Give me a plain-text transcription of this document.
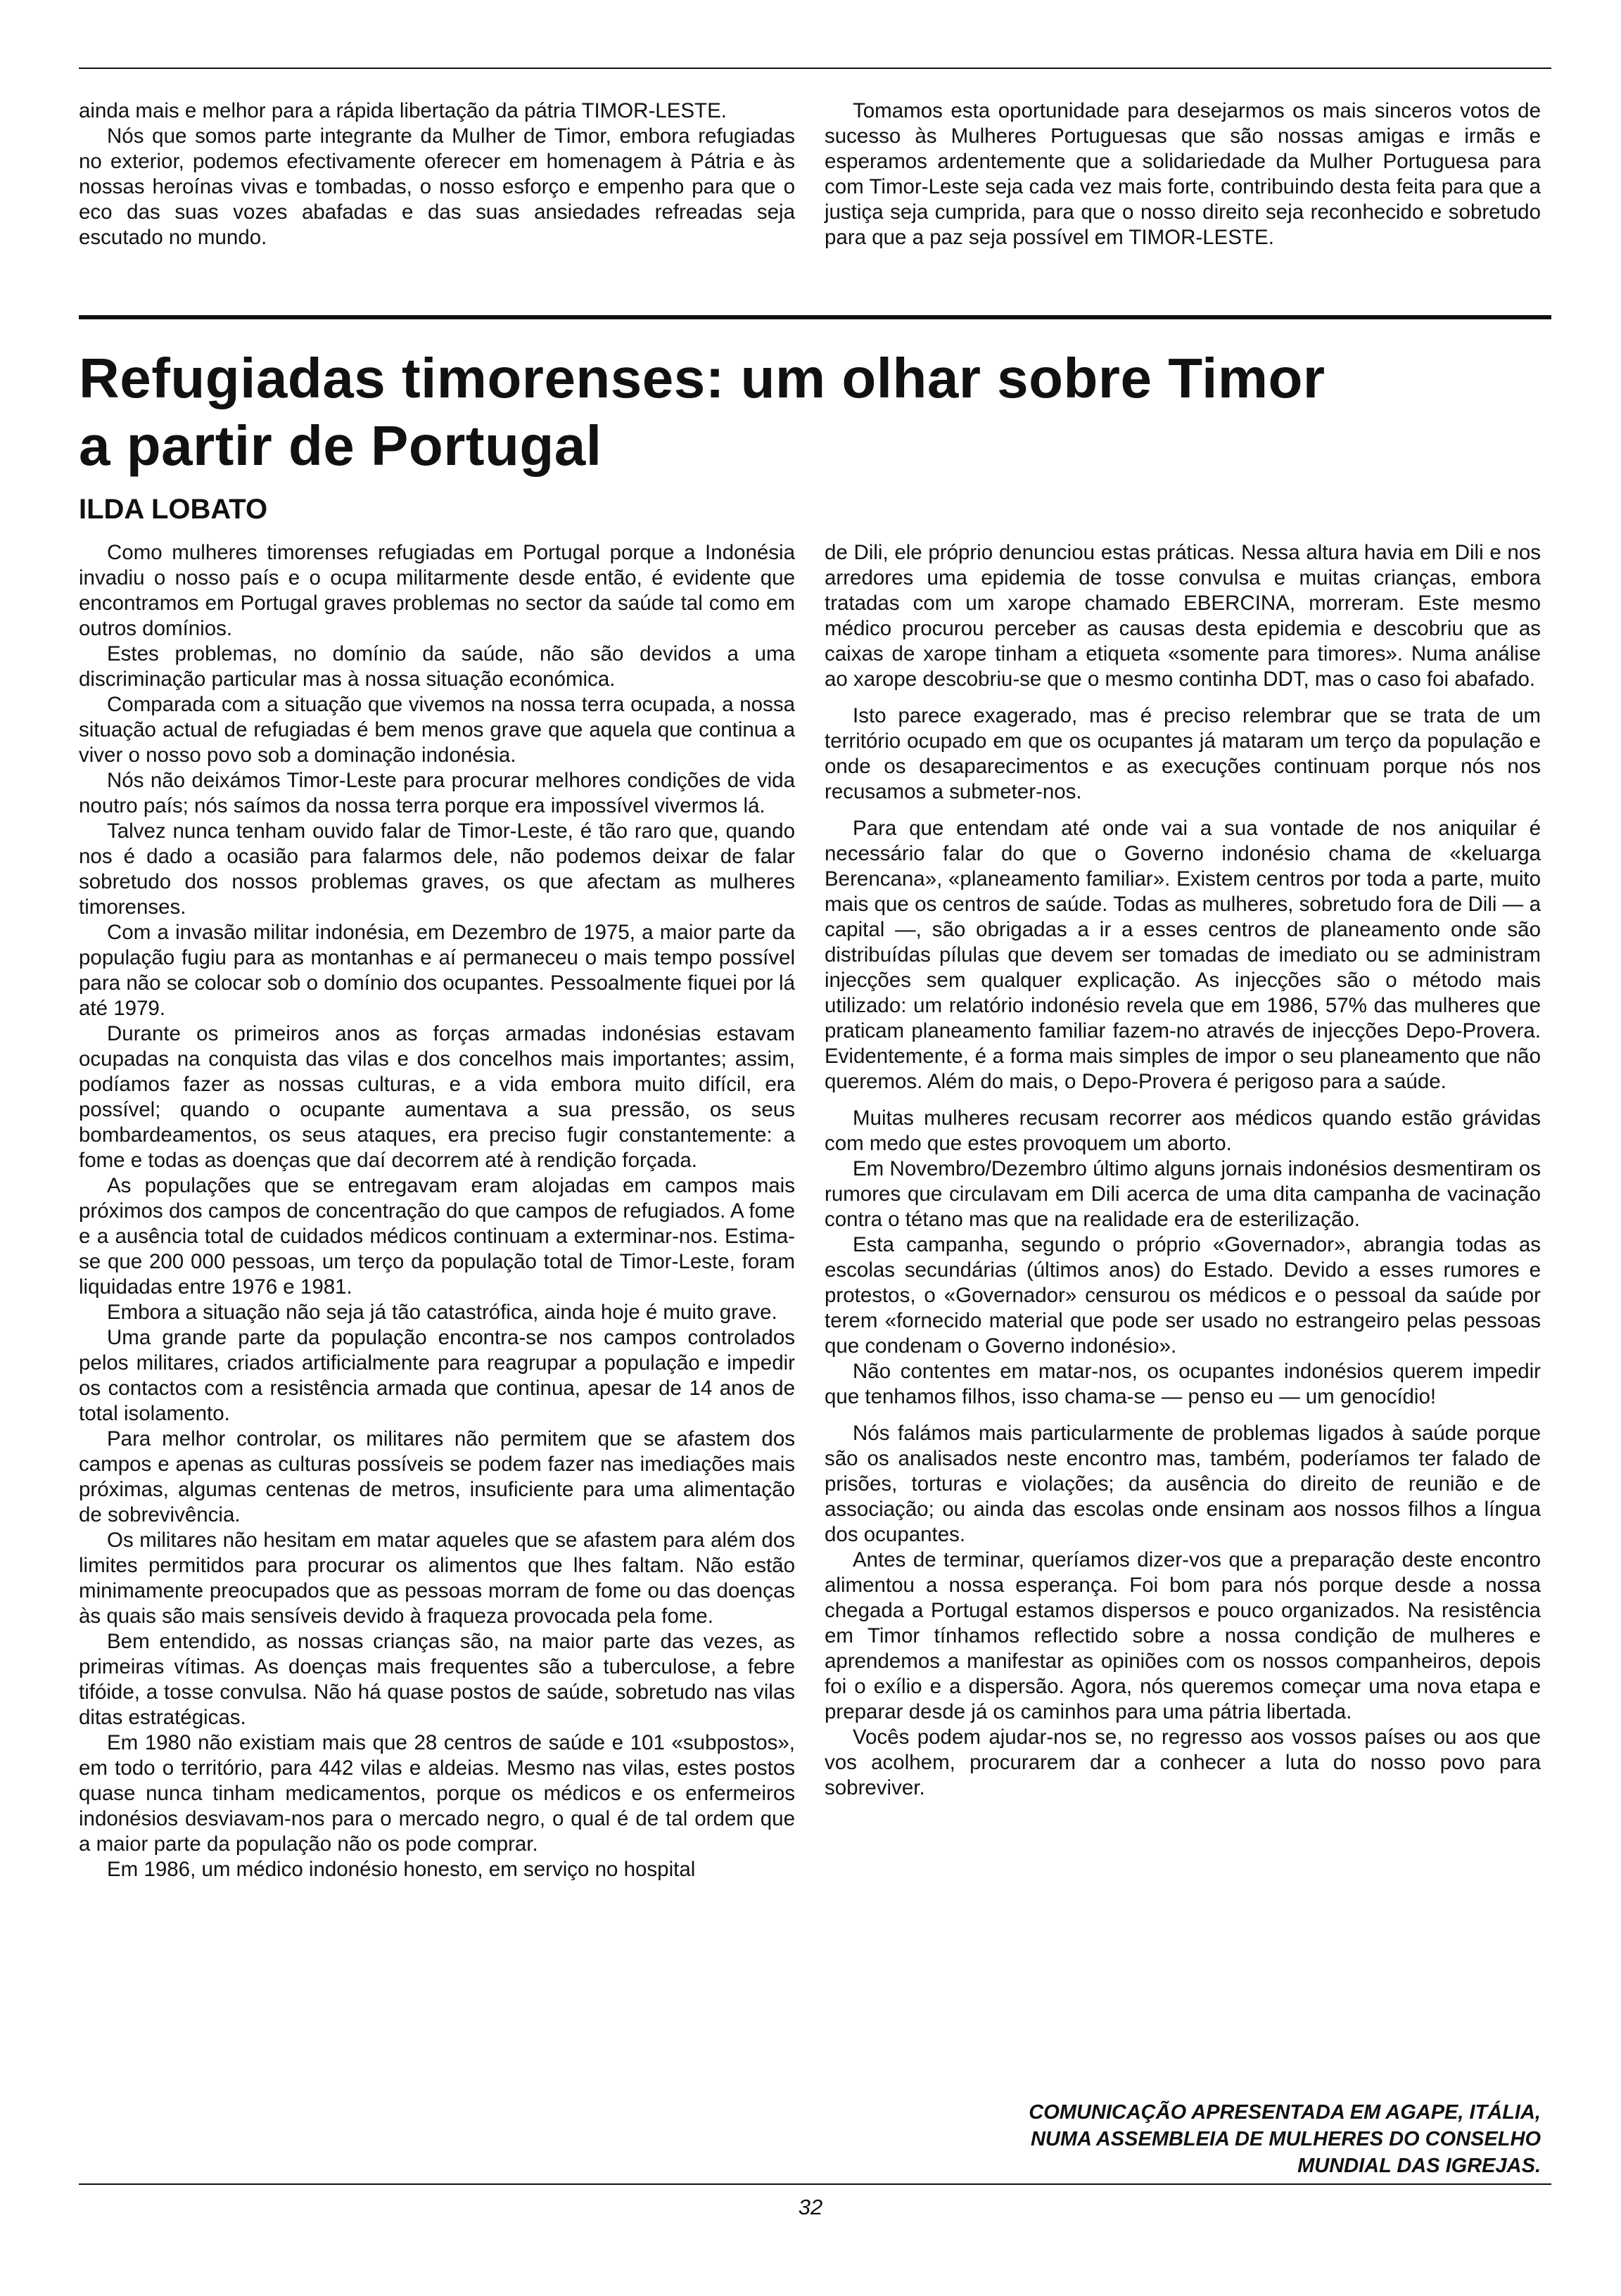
ainda mais e melhor para a rápida libertação da pátria TIMOR-LESTE.

Nós que somos parte integrante da Mulher de Timor, embora refugiadas no exterior, podemos efectivamente oferecer em homenagem à Pátria e às nossas heroínas vivas e tombadas, o nosso esforço e empenho para que o eco das suas vozes abafadas e das suas ansiedades refreadas seja escutado no mundo.

Tomamos esta oportunidade para desejarmos os mais sinceros votos de sucesso às Mulheres Portuguesas que são nossas amigas e irmãs e esperamos ardentemente que a solidariedade da Mulher Portuguesa para com Timor-Leste seja cada vez mais forte, contribuindo desta feita para que a justiça seja cumprida, para que o nosso direito seja reconhecido e sobretudo para que a paz seja possível em TIMOR-LESTE.

Refugiadas timorenses: um olhar sobre Timor
a partir de Portugal
ILDA LOBATO

Como mulheres timorenses refugiadas em Portugal porque a Indonésia invadiu o nosso país e o ocupa militarmente desde então, é evidente que encontramos em Portugal graves problemas no sector da saúde tal como em outros domínios.

Estes problemas, no domínio da saúde, não são devidos a uma discriminação particular mas à nossa situação económica.

Comparada com a situação que vivemos na nossa terra ocupada, a nossa situação actual de refugiadas é bem menos grave que aquela que continua a viver o nosso povo sob a dominação indonésia.

Nós não deixámos Timor-Leste para procurar melhores condições de vida noutro país; nós saímos da nossa terra porque era impossível vivermos lá.

Talvez nunca tenham ouvido falar de Timor-Leste, é tão raro que, quando nos é dado a ocasião para falarmos dele, não podemos deixar de falar sobretudo dos nossos problemas graves, os que afectam as mulheres timorenses.

Com a invasão militar indonésia, em Dezembro de 1975, a maior parte da população fugiu para as montanhas e aí permaneceu o mais tempo possível para não se colocar sob o domínio dos ocupantes. Pessoalmente fiquei por lá até 1979.

Durante os primeiros anos as forças armadas indonésias estavam ocupadas na conquista das vilas e dos concelhos mais importantes; assim, podíamos fazer as nossas culturas, e a vida embora muito difícil, era possível; quando o ocupante aumentava a sua pressão, os seus bombardeamentos, os seus ataques, era preciso fugir constantemente: a fome e todas as doenças que daí decorrem até à rendição forçada.

As populações que se entregavam eram alojadas em campos mais próximos dos campos de concentração do que campos de refugiados. A fome e a ausência total de cuidados médicos continuam a exterminar-nos. Estima-se que 200 000 pessoas, um terço da população total de Timor-Leste, foram liquidadas entre 1976 e 1981.

Embora a situação não seja já tão catastrófica, ainda hoje é muito grave.

Uma grande parte da população encontra-se nos campos controlados pelos militares, criados artificialmente para reagrupar a população e impedir os contactos com a resistência armada que continua, apesar de 14 anos de total isolamento.

Para melhor controlar, os militares não permitem que se afastem dos campos e apenas as culturas possíveis se podem fazer nas imediações mais próximas, algumas centenas de metros, insuficiente para uma alimentação de sobrevivência.

Os militares não hesitam em matar aqueles que se afastem para além dos limites permitidos para procurar os alimentos que lhes faltam. Não estão minimamente preocupados que as pessoas morram de fome ou das doenças às quais são mais sensíveis devido à fraqueza provocada pela fome.

Bem entendido, as nossas crianças são, na maior parte das vezes, as primeiras vítimas. As doenças mais frequentes são a tuberculose, a febre tifóide, a tosse convulsa. Não há quase postos de saúde, sobretudo nas vilas ditas estratégicas.

Em 1980 não existiam mais que 28 centros de saúde e 101 «subpostos», em todo o território, para 442 vilas e aldeias. Mesmo nas vilas, estes postos quase nunca tinham medicamentos, porque os médicos e os enfermeiros indonésios desviavam-nos para o mercado negro, o qual é de tal ordem que a maior parte da população não os pode comprar.

Em 1986, um médico indonésio honesto, em serviço no hospital

de Dili, ele próprio denunciou estas práticas. Nessa altura havia em Dili e nos arredores uma epidemia de tosse convulsa e muitas crianças, embora tratadas com um xarope chamado EBERCINA, morreram. Este mesmo médico procurou perceber as causas desta epidemia e descobriu que as caixas de xarope tinham a etiqueta «somente para timores». Numa análise ao xarope descobriu-se que o mesmo continha DDT, mas o caso foi abafado.

Isto parece exagerado, mas é preciso relembrar que se trata de um território ocupado em que os ocupantes já mataram um terço da população e onde os desaparecimentos e as execuções continuam porque nós nos recusamos a submeter-nos.

Para que entendam até onde vai a sua vontade de nos aniquilar é necessário falar do que o Governo indonésio chama de «keluarga Berencana», «planeamento familiar». Existem centros por toda a parte, muito mais que os centros de saúde. Todas as mulheres, sobretudo fora de Dili — a capital —, são obrigadas a ir a esses centros de planeamento onde são distribuídas pílulas que devem ser tomadas de imediato ou se administram injecções sem qualquer explicação. As injecções são o método mais utilizado: um relatório indonésio revela que em 1986, 57% das mulheres que praticam planeamento familiar fazem-no através de injecções Depo-Provera. Evidentemente, é a forma mais simples de impor o seu planeamento que não queremos. Além do mais, o Depo-Provera é perigoso para a saúde.

Muitas mulheres recusam recorrer aos médicos quando estão grávidas com medo que estes provoquem um aborto.

Em Novembro/Dezembro último alguns jornais indonésios desmentiram os rumores que circulavam em Dili acerca de uma dita campanha de vacinação contra o tétano mas que na realidade era de esterilização.

Esta campanha, segundo o próprio «Governador», abrangia todas as escolas secundárias (últimos anos) do Estado. Devido a esses rumores e protestos, o «Governador» censurou os médicos e o pessoal da saúde por terem «fornecido material que pode ser usado no estrangeiro pelas pessoas que condenam o Governo indonésio».

Não contentes em matar-nos, os ocupantes indonésios querem impedir que tenhamos filhos, isso chama-se — penso eu — um genocídio!

Nós falámos mais particularmente de problemas ligados à saúde porque são os analisados neste encontro mas, também, poderíamos ter falado de prisões, torturas e violações; da ausência do direito de reunião e de associação; ou ainda das escolas onde ensinam aos nossos filhos a língua dos ocupantes.

Antes de terminar, queríamos dizer-vos que a preparação deste encontro alimentou a nossa esperança. Foi bom para nós porque desde a nossa chegada a Portugal estamos dispersos e pouco organizados. Na resistência em Timor tínhamos reflectido sobre a nossa condição de mulheres e aprendemos a manifestar as opiniões com os nossos companheiros, depois foi o exílio e a dispersão. Agora, nós queremos começar uma nova etapa e preparar desde já os caminhos para uma pátria libertada.

Vocês podem ajudar-nos se, no regresso aos vossos países ou aos que vos acolhem, procurarem dar a conhecer a luta do nosso povo para sobreviver.

COMUNICAÇÃO APRESENTADA EM AGAPE, ITÁLIA,
NUMA ASSEMBLEIA DE MULHERES DO CONSELHO
MUNDIAL DAS IGREJAS.
32
